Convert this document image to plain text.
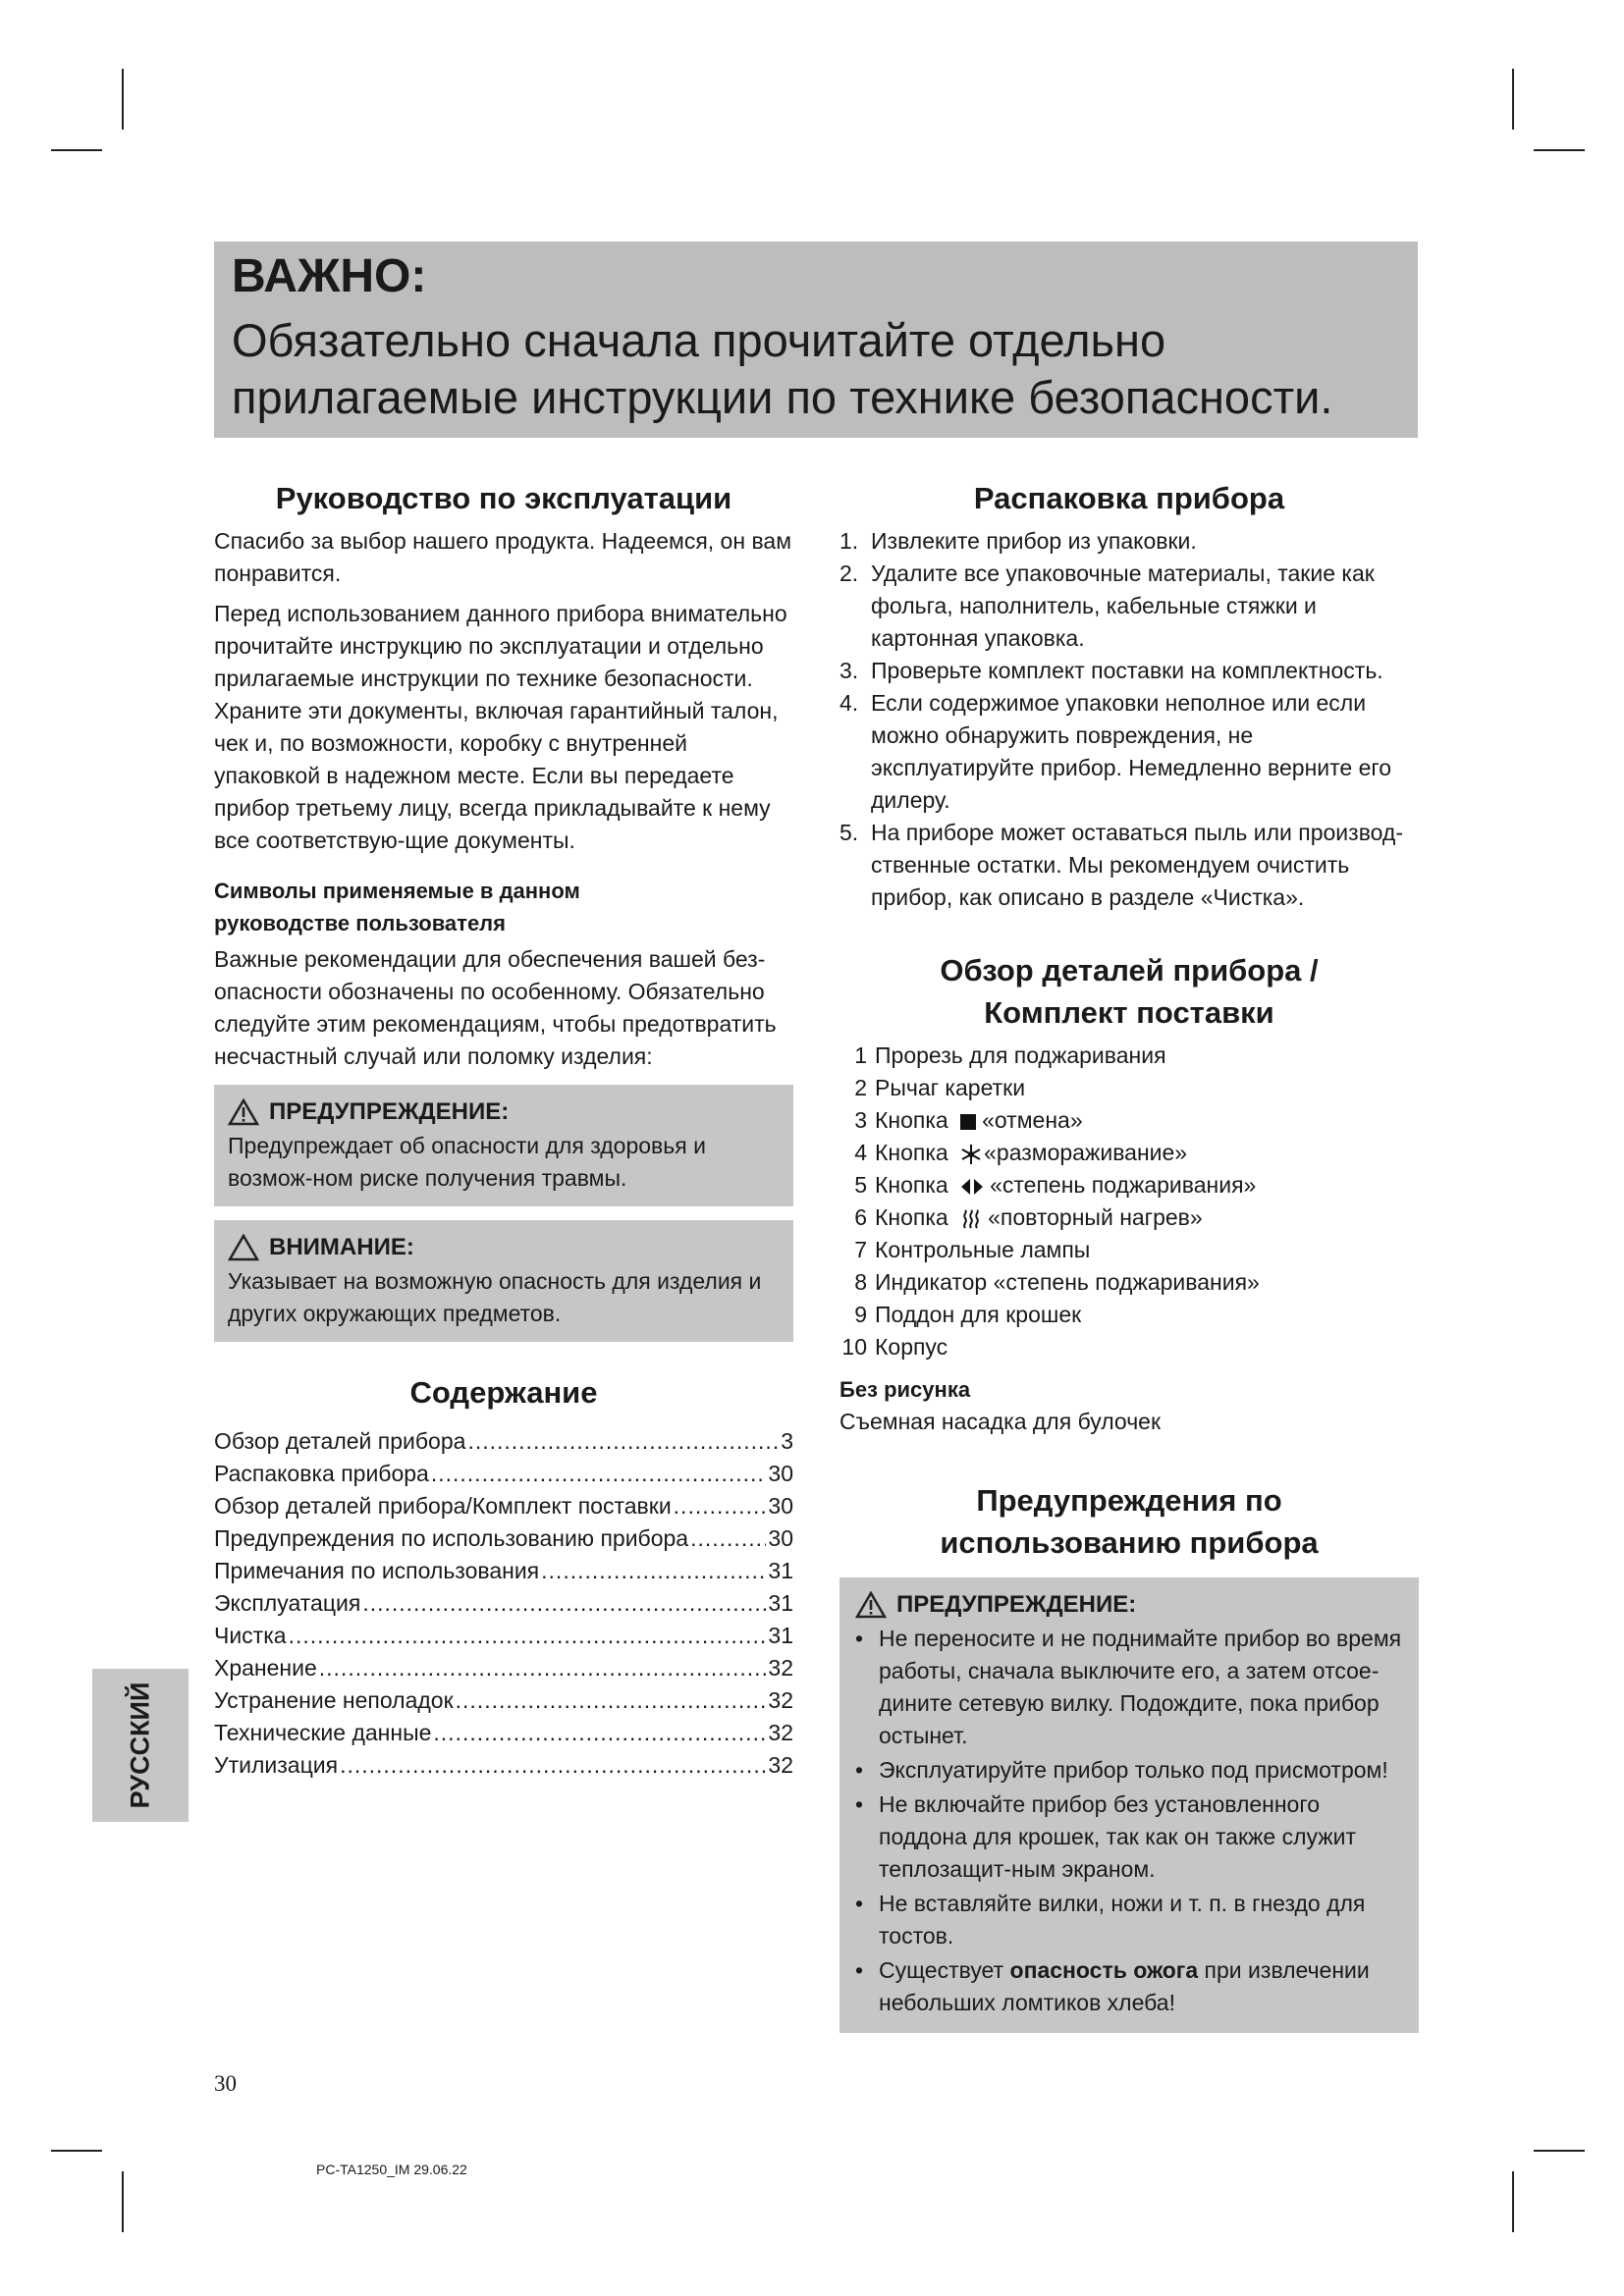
ВАЖНО:
Обязательно сначала прочитайте отдельно прилагаемые инструкции по технике безопасности.
Руководство по эксплуатации

Спасибо за выбор нашего продукта. Надеемся, он вам понравится.

Перед использованием данного прибора внимательно прочитайте инструкцию по эксплуатации и отдельно прилагаемые инструкции по технике безопасности. Храните эти документы, включая гарантийный талон, чек и, по возможности, коробку с внутренней упаковкой в надежном месте. Если вы передаете прибор третьему лицу, всегда прикладывайте к нему все соответствую-щие документы.

Символы применяемые в данном руководстве пользователя

Важные рекомендации для обеспечения вашей без-опасности обозначены по особенному. Обязательно следуйте этим рекомендациям, чтобы предотвратить несчастный случай или поломку изделия:

ПРЕДУПРЕЖДЕНИЕ:
Предупреждает об опасности для здоровья и возмож-ном риске получения травмы.
ВНИМАНИЕ:
Указывает на возможную опасность для изделия и других окружающих предметов.
Содержание
Обзор деталей прибора .....	3
Распаковка прибора .....	30
Обзор деталей прибора/Комплект поставки .....	30
Предупреждения по использованию прибора .....	30
Примечания по использования .....	31
Эксплуатация .....	31
Чистка .....	31
Хранение .....	32
Устранение неполадок .....	32
Технические данные .....	32
Утилизация .....	32
Распаковка прибора
1. Извлеките прибор из упаковки.
2. Удалите все упаковочные материалы, такие как фольга, наполнитель, кабельные стяжки и картонная упаковка.
3. Проверьте комплект поставки на комплектность.
4. Если содержимое упаковки неполное или если можно обнаружить повреждения, не эксплуатируйте прибор. Немедленно верните его дилеру.
5. На приборе может оставаться пыль или производ-ственные остатки. Мы рекомендуем очистить прибор, как описано в разделе «Чистка».
Обзор деталей прибора /
Комплект поставки
1 Прорезь для поджаривания
2 Рычаг каретки
3 Кнопка «отмена»
4 Кнопка «размораживание»
5 Кнопка «степень поджаривания»
6 Кнопка «повторный нагрев»
7 Контрольные лампы
8 Индикатор «степень поджаривания»
9 Поддон для крошек
10 Корпус
Без рисунка

Съемная насадка для булочек

Предупреждения по
использованию прибора
ПРЕДУПРЕЖДЕНИЕ:
• Не переносите и не поднимайте прибор во время работы, сначала выключите его, а затем отсое-дините сетевую вилку. Подождите, пока прибор остынет.
• Эксплуатируйте прибор только под присмотром!
• Не включайте прибор без установленного поддона для крошек, так как он также служит теплозащит-ным экраном.
• Не вставляйте вилки, ножи и т. п. в гнездо для тостов.
• Существует опасность ожога при извлечении небольших ломтиков хлеба!
РУССКИЙ
30
PC-TA1250_IM 29.06.22
